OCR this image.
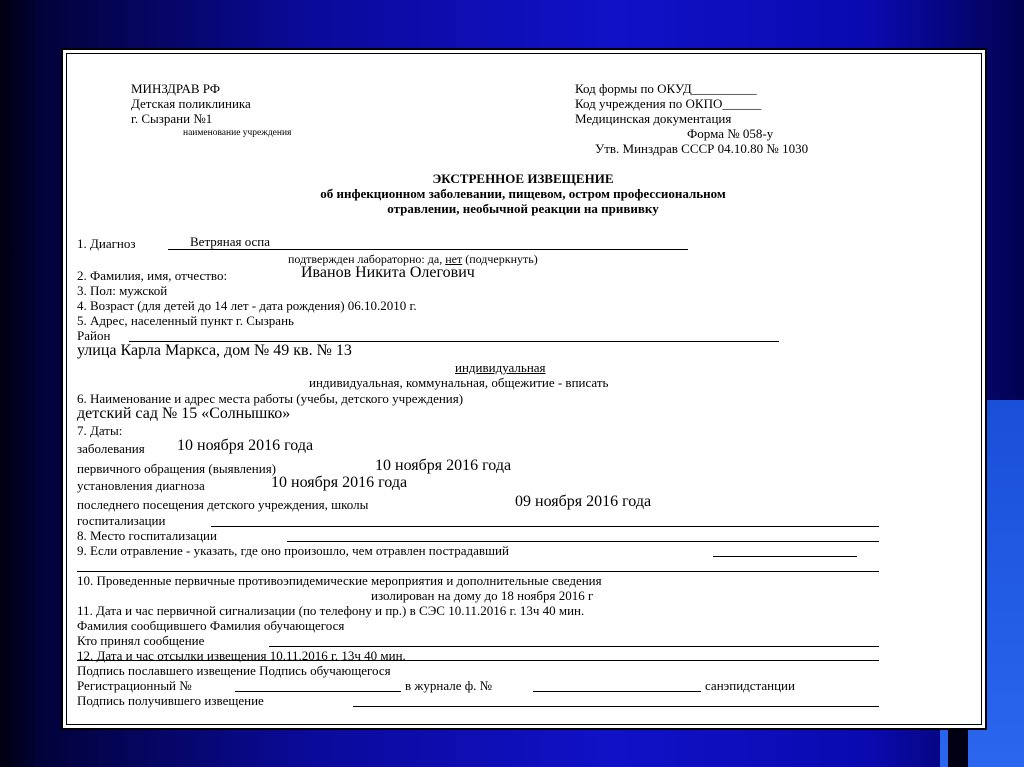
МИНЗДРАВ РФ
Детская поликлиника
г. Сызрани №1
наименование учреждения
Код формы по ОКУД__________
Код учреждения по ОКПО______
Медицинская документация
Форма № 058-у
Утв. Минздрав СССР 04.10.80 № 1030
ЭКСТРЕННОЕ ИЗВЕЩЕНИЕ
об инфекционном заболевании, пищевом, остром профессиональном
отравлении, необычной реакции на прививку
1. Диагноз	Ветряная оспа
подтвержден лабораторно: да, нет (подчеркнуть)
2. Фамилия, имя, отчество:	Иванов Никита Олегович
3. Пол: мужской
4. Возраст (для детей до 14 лет - дата рождения) 06.10.2010 г.
5. Адрес, населенный пункт г. Сызрань
Район
улица Карла Маркса, дом № 49 кв. № 13
индивидуальная
индивидуальная, коммунальная, общежитие - вписать
6. Наименование и адрес места работы (учебы, детского учреждения)
детский сад № 15 «Солнышко»
7. Даты:
заболевания 10 ноября 2016 года
первичного обращения (выявления)	10 ноября 2016 года
установления диагноза	10 ноября 2016 года
последнего посещения детского учреждения, школы	09 ноября 2016 года
госпитализации
8. Место госпитализации
9. Если отравление - указать, где оно произошло, чем отравлен пострадавший
10. Проведенные первичные противоэпидемические мероприятия и дополнительные сведения
изолирован на дому до 18 ноября 2016 г
11. Дата и час первичной сигнализации (по телефону и пр.) в СЭС 10.11.2016 г. 13ч 40 мин.
Фамилия сообщившего Фамилия обучающегося
Кто принял сообщение
12. Дата и час отсылки извещения 10.11.2016 г. 13ч 40 мин.
Подпись пославшего извещение Подпись обучающегося
Регистрационный №	в журнале ф. №	санэпидстанции
Подпись получившего извещение
